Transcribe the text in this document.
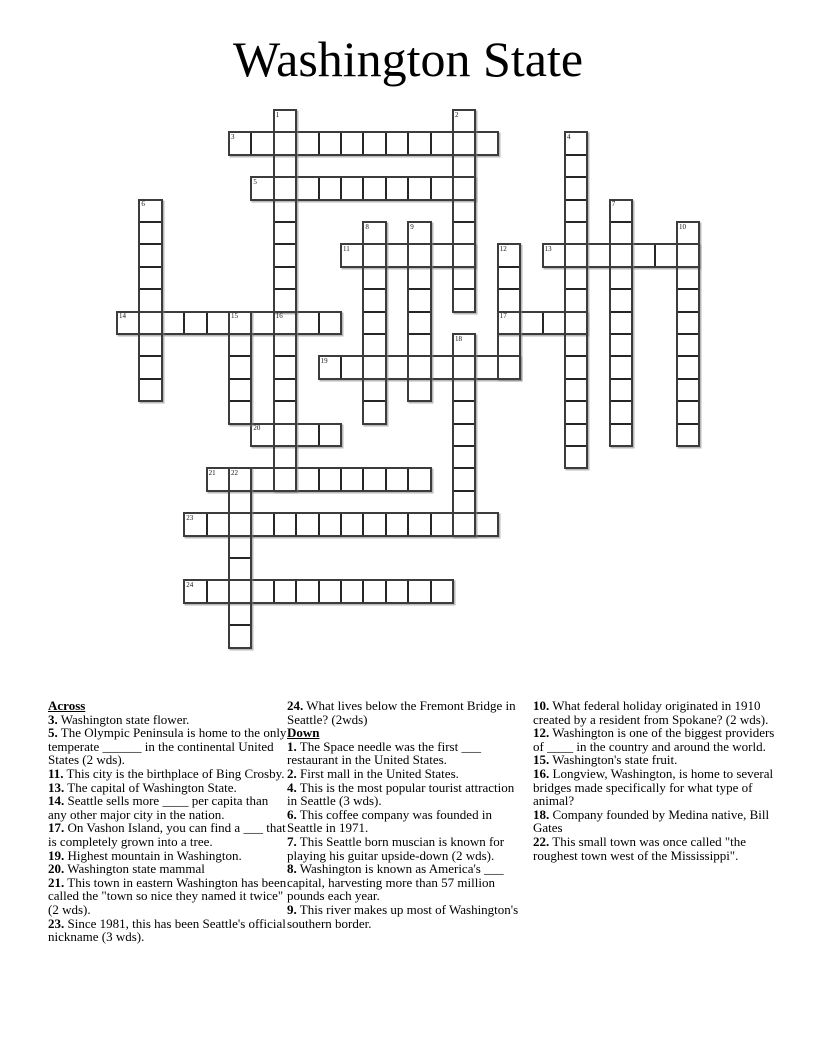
Washington State
3
5
11	13
14	17
19
20
21
23
24
1	2
4
6	7
8	9	10
12
15	16
18
22
Across

3. Washington state flower.

5. The Olympic Peninsula is home to the only temperate ______ in the continental United States (2 wds).

11. This city is the birthplace of Bing Crosby.

13. The capital of Washington State.

14. Seattle sells more ____ per capita than any other major city in the nation.

17. On Vashon Island, you can find a ___ that is completely grown into a tree.

19. Highest mountain in Washington.

20. Washington state mammal

21. This town in eastern Washington has been called the "town so nice they named it twice" (2 wds).

23. Since 1981, this has been Seattle's official nickname (3 wds).

24. What lives below the Fremont Bridge in Seattle? (2wds)

Down

1. The Space needle was the first ___ restaurant in the United States.

2. First mall in the United States.

4. This is the most popular tourist attraction in Seattle (3 wds).

6. This coffee company was founded in Seattle in 1971.

7. This Seattle born muscian is known for playing his guitar upside-down (2 wds).

8. Washington is known as America's ___ capital, harvesting more than 57 million pounds each year.

9. This river makes up most of Washington's southern border.

10. What federal holiday originated in 1910 created by a resident from Spokane? (2 wds).

12. Washington is one of the biggest providers of ____ in the country and around the world.

15. Washington's state fruit.

16. Longview, Washington, is home to several bridges made specifically for what type of animal?

18. Company founded by Medina native, Bill Gates

22. This small town was once called "the roughest town west of the Mississippi".
